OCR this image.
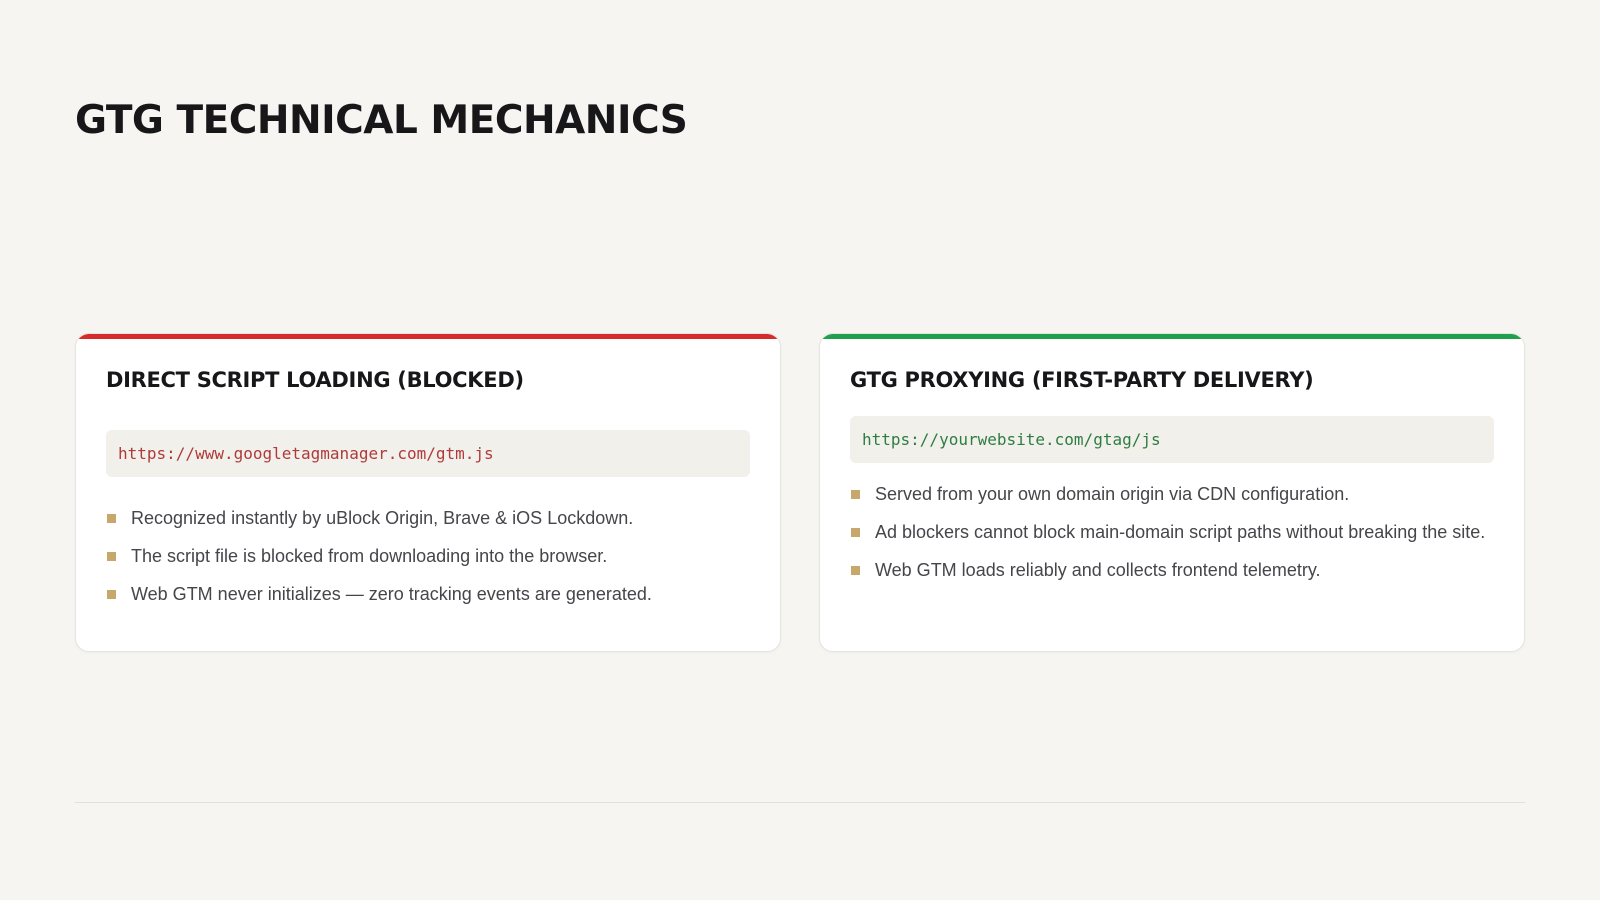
GTG TECHNICAL MECHANICS
DIRECT SCRIPT LOADING (BLOCKED)
https://www.googletagmanager.com/gtm.js
Recognized instantly by uBlock Origin, Brave & iOS Lockdown.
The script file is blocked from downloading into the browser.
Web GTM never initializes — zero tracking events are generated.
GTG PROXYING (FIRST-PARTY DELIVERY)
https://yourwebsite.com/gtag/js
Served from your own domain origin via CDN configuration.
Ad blockers cannot block main-domain script paths without breaking the site.
Web GTM loads reliably and collects frontend telemetry.
